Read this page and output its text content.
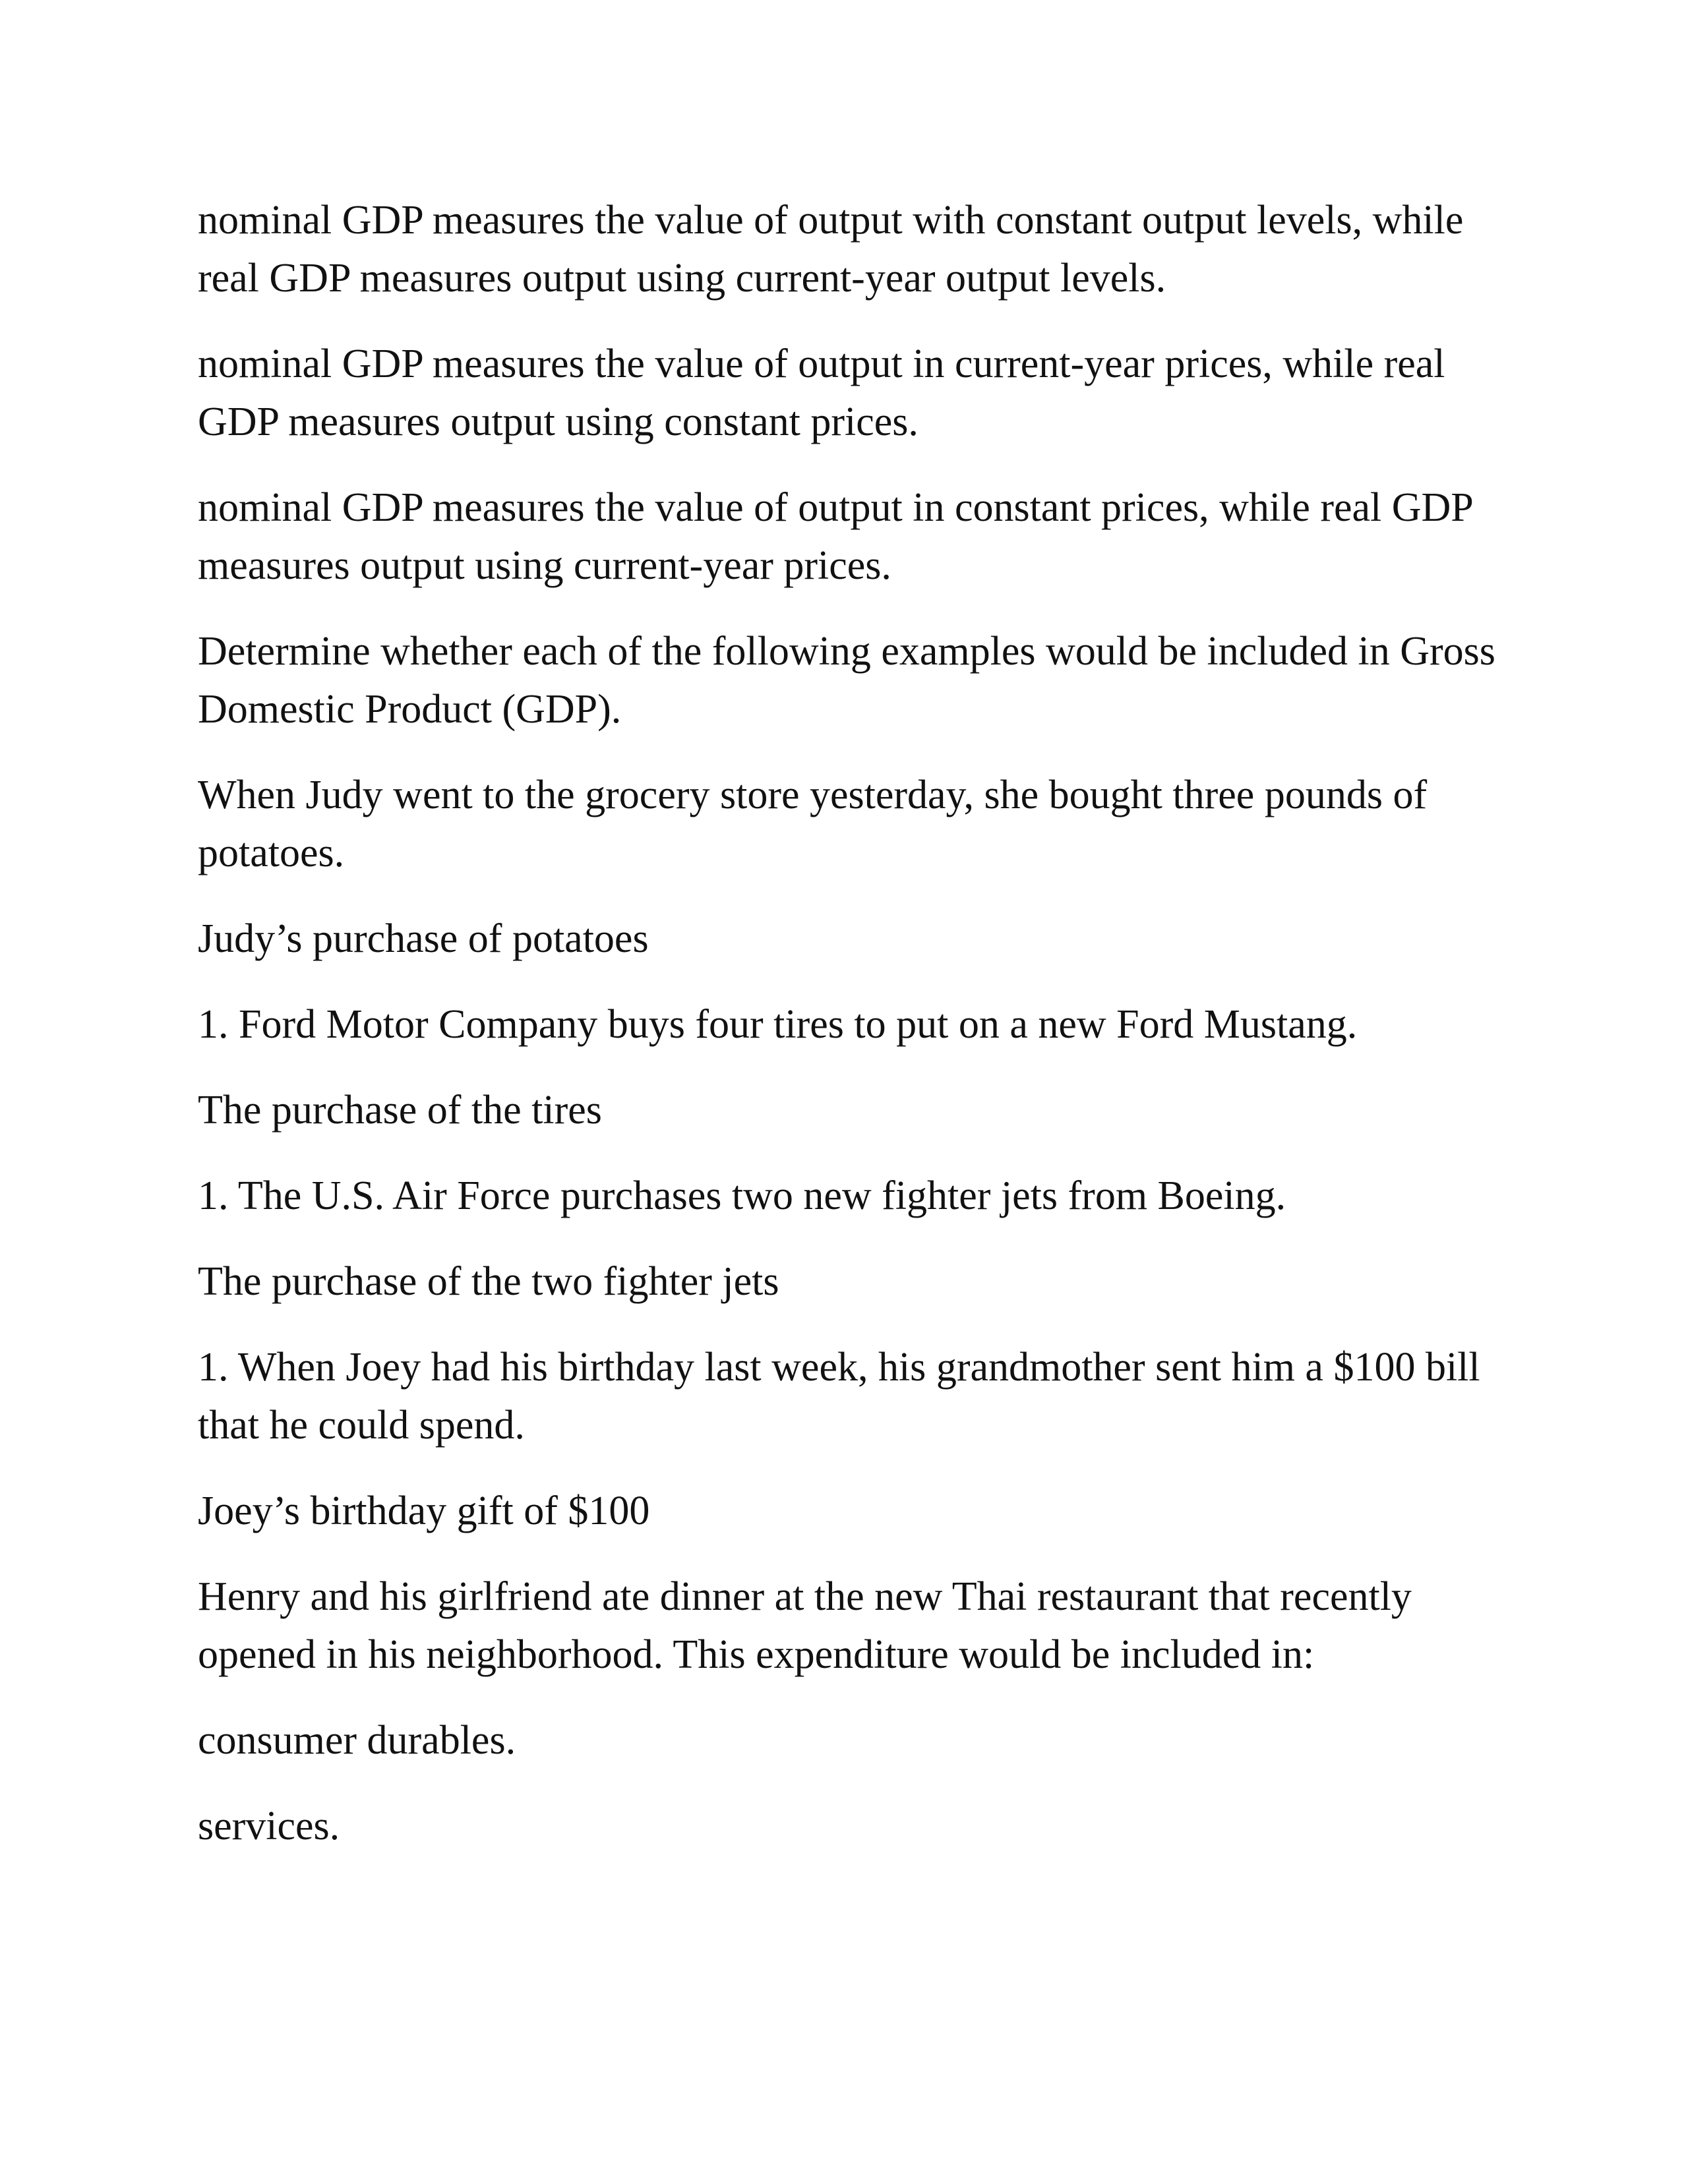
nominal GDP measures the value of output with constant output levels, while real GDP measures output using current-year output levels.

nominal GDP measures the value of output in current-year prices, while real GDP measures output using constant prices.

nominal GDP measures the value of output in constant prices, while real GDP measures output using current-year prices.

Determine whether each of the following examples would be included in Gross Domestic Product (GDP).

When Judy went to the grocery store yesterday, she bought three pounds of potatoes.

Judy’s purchase of potatoes

1. Ford Motor Company buys four tires to put on a new Ford Mustang.

The purchase of the tires

1. The U.S. Air Force purchases two new fighter jets from Boeing.

The purchase of the two fighter jets

1. When Joey had his birthday last week, his grandmother sent him a $100 bill that he could spend.

Joey’s birthday gift of $100

Henry and his girlfriend ate dinner at the new Thai restaurant that recently opened in his neighborhood. This expenditure would be included in:

consumer durables.

services.
